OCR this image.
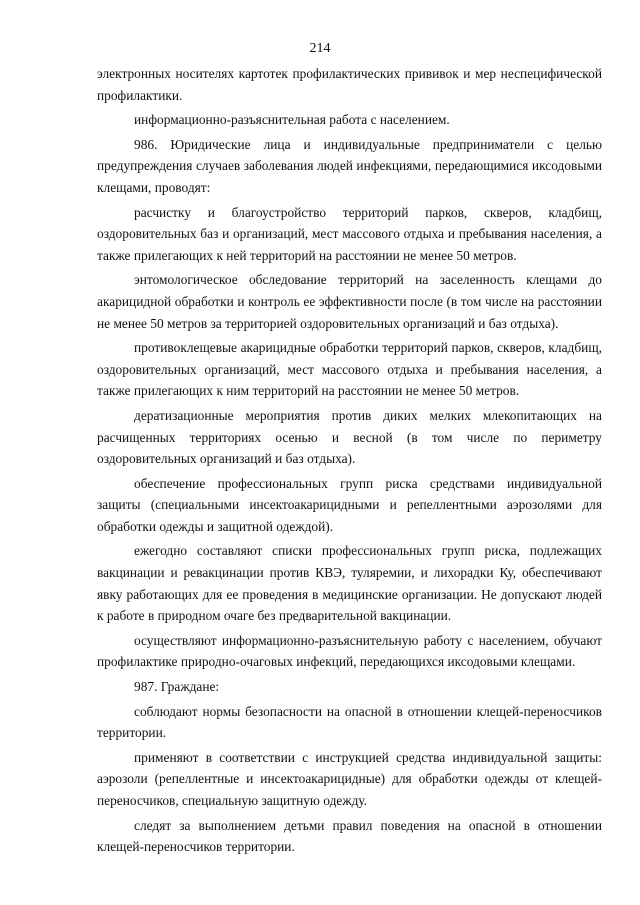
214

электронных носителях картотек профилактических прививок и мер неспецифической профилактики.

информационно-разъяснительная работа с населением.

986. Юридические лица и индивидуальные предприниматели с целью предупреждения случаев заболевания людей инфекциями, передающимися иксодовыми клещами, проводят:

расчистку и благоустройство территорий парков, скверов, кладбищ, оздоровительных баз и организаций, мест массового отдыха и пребывания населения, а также прилегающих к ней территорий на расстоянии не менее 50 метров.

энтомологическое обследование территорий на заселенность клещами до акарицидной обработки и контроль ее эффективности после (в том числе на расстоянии не менее 50 метров за территорией оздоровительных организаций и баз отдыха).

противоклещевые акарицидные обработки территорий парков, скверов, кладбищ, оздоровительных организаций, мест массового отдыха и пребывания населения, а также прилегающих к ним территорий на расстоянии не менее 50 метров.

дератизационные мероприятия против диких мелких млекопитающих на расчищенных территориях осенью и весной (в том числе по периметру оздоровительных организаций и баз отдыха).

обеспечение профессиональных групп риска средствами индивидуальной защиты (специальными инсектоакарицидными и репеллентными аэрозолями для обработки одежды и защитной одеждой).

ежегодно составляют списки профессиональных групп риска, подлежащих вакцинации и ревакцинации против КВЭ, туляремии, и лихорадки Ку, обеспечивают явку работающих для ее проведения в медицинские организации. Не допускают людей к работе в природном очаге без предварительной вакцинации.

осуществляют информационно-разъяснительную работу с населением, обучают профилактике природно-очаговых инфекций, передающихся иксодовыми клещами.

987. Граждане:

соблюдают нормы безопасности на опасной в отношении клещей-переносчиков территории.

применяют в соответствии с инструкцией средства индивидуальной защиты: аэрозоли (репеллентные и инсектоакарицидные) для обработки одежды от клещей-переносчиков, специальную защитную одежду.

следят за выполнением детьми правил поведения на опасной в отношении клещей-переносчиков территории.
